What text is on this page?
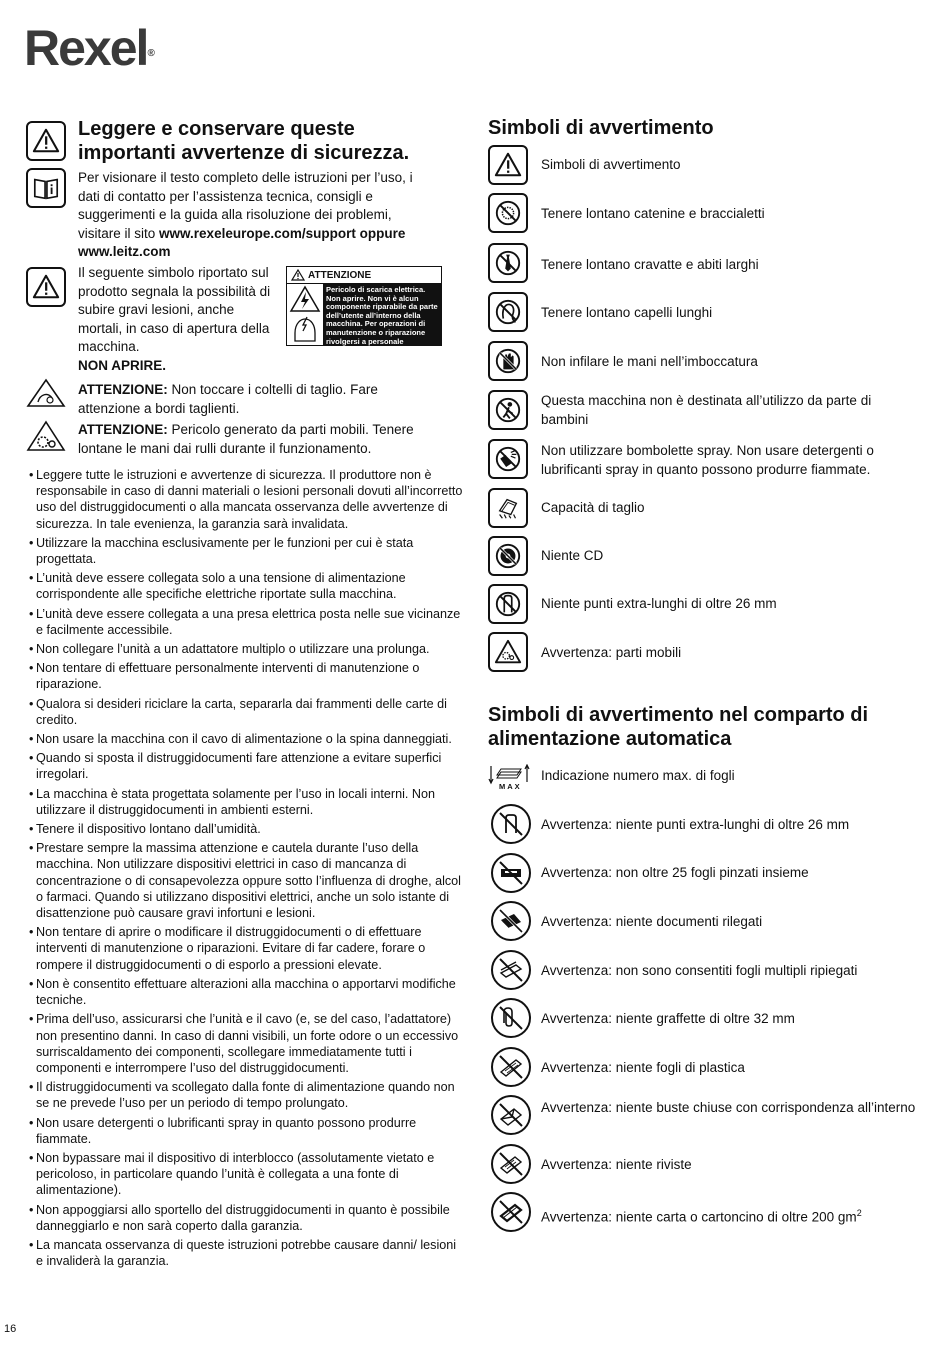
Rexel®
Leggere e conservare queste importanti avvertenze di sicurezza.
Per visionare il testo completo delle istruzioni per l’uso, i dati di contatto per l’assistenza tecnica, consigli e suggerimenti e la guida alla risoluzione dei problemi, visitare il sito www.rexeleurope.com/support oppure www.leitz.com
Il seguente simbolo riportato sul prodotto segnala la possibilità di subire gravi lesioni, anche mortali, in caso di apertura della macchina.
NON APRIRE.
ATTENZIONE
Pericolo di scarica elettrica. Non aprire. Non vi è alcun componente riparabile da parte dell’utente all’interno della macchina. Per operazioni di manutenzione o riparazione rivolgersi a personale qualificato.
ATTENZIONE: Non toccare i coltelli di taglio. Fare attenzione a bordi taglienti.
ATTENZIONE: Pericolo generato da parti mobili. Tenere lontane le mani dai rulli durante il funzionamento.
• Leggere tutte le istruzioni e avvertenze di sicurezza. Il produttore non è responsabile in caso di danni materiali o lesioni personali dovuti all’incorretto uso del distruggidocumenti o alla mancata osservanza delle avvertenze di sicurezza. In tale evenienza, la garanzia sarà invalidata.
• Utilizzare la macchina esclusivamente per le funzioni per cui è stata progettata.
• L’unità deve essere collegata solo a una tensione di alimentazione corrispondente alle specifiche elettriche riportate sulla macchina.
• L’unità deve essere collegata a una presa elettrica posta nelle sue vicinanze e facilmente accessibile.
• Non collegare l’unità a un adattatore multiplo o utilizzare una prolunga.
• Non tentare di effettuare personalmente interventi di manutenzione o riparazione.
• Qualora si desideri riciclare la carta, separarla dai frammenti delle carte di credito.
• Non usare la macchina con il cavo di alimentazione o la spina danneggiati.
• Quando si sposta il distruggidocumenti fare attenzione a evitare superfici irregolari.
• La macchina è stata progettata solamente per l’uso in locali interni. Non utilizzare il distruggidocumenti in ambienti esterni.
• Tenere il dispositivo lontano dall’umidità.
• Prestare sempre la massima attenzione e cautela durante l’uso della macchina. Non utilizzare dispositivi elettrici in caso di mancanza di concentrazione o di consapevolezza oppure sotto l’influenza di droghe, alcol o farmaci. Quando si utilizzano dispositivi elettrici, anche un solo istante di disattenzione può causare gravi infortuni e lesioni.
• Non tentare di aprire o modificare il distruggidocumenti o di effettuare interventi di manutenzione o riparazioni. Evitare di far cadere, forare o rompere il distruggidocumenti o di esporlo a pressioni elevate.
• Non è consentito effettuare alterazioni alla macchina o apportarvi modifiche tecniche.
• Prima dell’uso, assicurarsi che l’unità e il cavo (e, se del caso, l’adattatore) non presentino danni. In caso di danni visibili, un forte odore o un eccessivo surriscaldamento dei componenti, scollegare immediatamente tutti i componenti e interrompere l’uso del distruggidocumenti.
• Il distruggidocumenti va scollegato dalla fonte di alimentazione quando non se ne prevede l’uso per un periodo di tempo prolungato.
• Non usare detergenti o lubrificanti spray in quanto possono produrre fiammate.
• Non bypassare mai il dispositivo di interblocco (assolutamente vietato e pericoloso, in particolare quando l’unità è collegata a una fonte di alimentazione).
• Non appoggiarsi allo sportello del distruggidocumenti in quanto è possibile danneggiarlo e non sarà coperto dalla garanzia.
• La mancata osservanza di queste istruzioni potrebbe causare danni/ lesioni e invaliderà la garanzia.
16
Simboli di avvertimento
Simboli di avvertimento
Tenere lontano catenine e braccialetti
Tenere lontano cravatte e abiti larghi
Tenere lontano capelli lunghi
Non infilare le mani nell’imboccatura
Questa macchina non è destinata all’utilizzo da parte di bambini
Non utilizzare bombolette spray. Non usare detergenti o lubrificanti spray in quanto possono produrre fiammate.
Capacità di taglio
Niente CD
Niente punti extra-lunghi di oltre 26 mm
Avvertenza: parti mobili
Simboli di avvertimento nel comparto di alimentazione automatica
MAX
Indicazione numero max. di fogli
Avvertenza: niente punti extra-lunghi di oltre 26 mm
Avvertenza: non oltre 25 fogli pinzati insieme
Avvertenza: niente documenti rilegati
Avvertenza: non sono consentiti fogli multipli ripiegati
Avvertenza: niente graffette di oltre 32 mm
Avvertenza: niente fogli di plastica
Avvertenza: niente buste chiuse con corrispondenza all’interno
Avvertenza: niente riviste
Avvertenza: niente carta o cartoncino di oltre 200 $gm^2$
